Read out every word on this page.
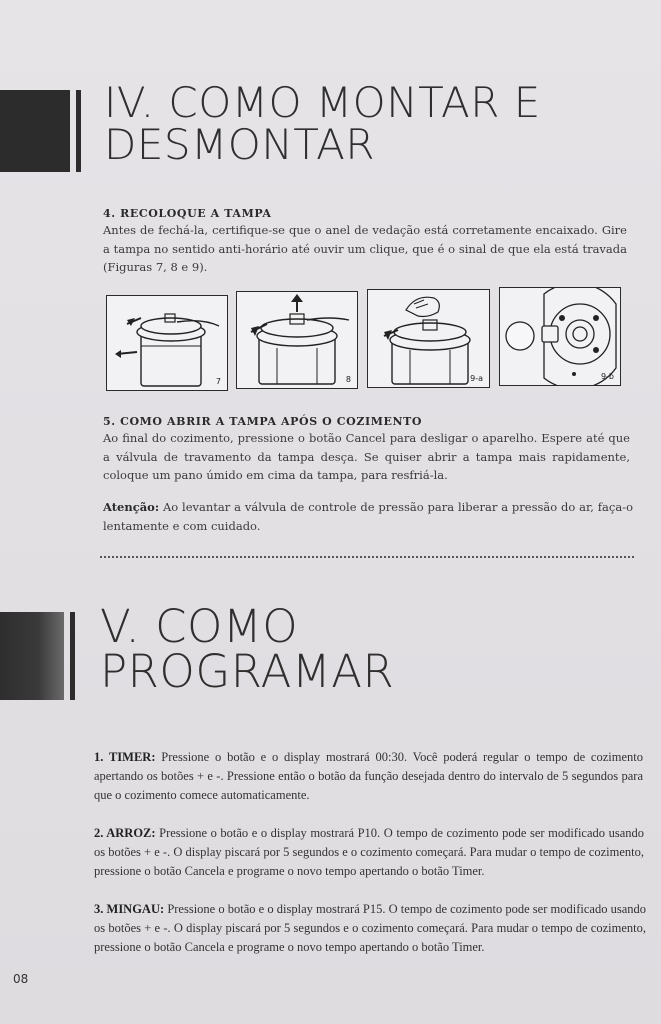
IV. COMO MONTAR E
DESMONTAR
4. RECOLOQUE A TAMPA
Antes de fechá-la, certifique-se que o anel de vedação está corretamente encaixado. Gire a tampa no sentido anti-horário até ouvir um clique, que é o sinal de que ela está travada (Figuras 7, 8 e 9).
7	8	9-a	9-b
5. COMO ABRIR A TAMPA APÓS O COZIMENTO
Ao final do cozimento, pressione o botão Cancel para desligar o aparelho. Espere até que a válvula de travamento da tampa desça. Se quiser abrir a tampa mais rapidamente, coloque um pano úmido em cima da tampa, para resfriá-la.
Atenção: Ao levantar a válvula de controle de pressão para liberar a pressão do ar, faça-o lentamente e com cuidado.
V. COMO
PROGRAMAR
1. TIMER: Pressione o botão e o display mostrará 00:30. Você poderá regular o tempo de cozimento apertando os botões + e -. Pressione então o botão da função desejada dentro do intervalo de 5 segundos para que o cozimento comece automaticamente.
2. ARROZ: Pressione o botão e o display mostrará P10. O tempo de cozimento pode ser modificado usando os botões + e -. O display piscará por 5 segundos e o cozimento começará. Para mudar o tempo de cozimento, pressione o botão Cancela e programe o novo tempo apertando o botão Timer.
3. MINGAU: Pressione o botão e o display mostrará P15. O tempo de cozimento pode ser modificado usando os botões + e -. O display piscará por 5 segundos e o cozimento começará. Para mudar o tempo de cozimento, pressione o botão Cancela e programe o novo tempo apertando o botão Timer.
08
